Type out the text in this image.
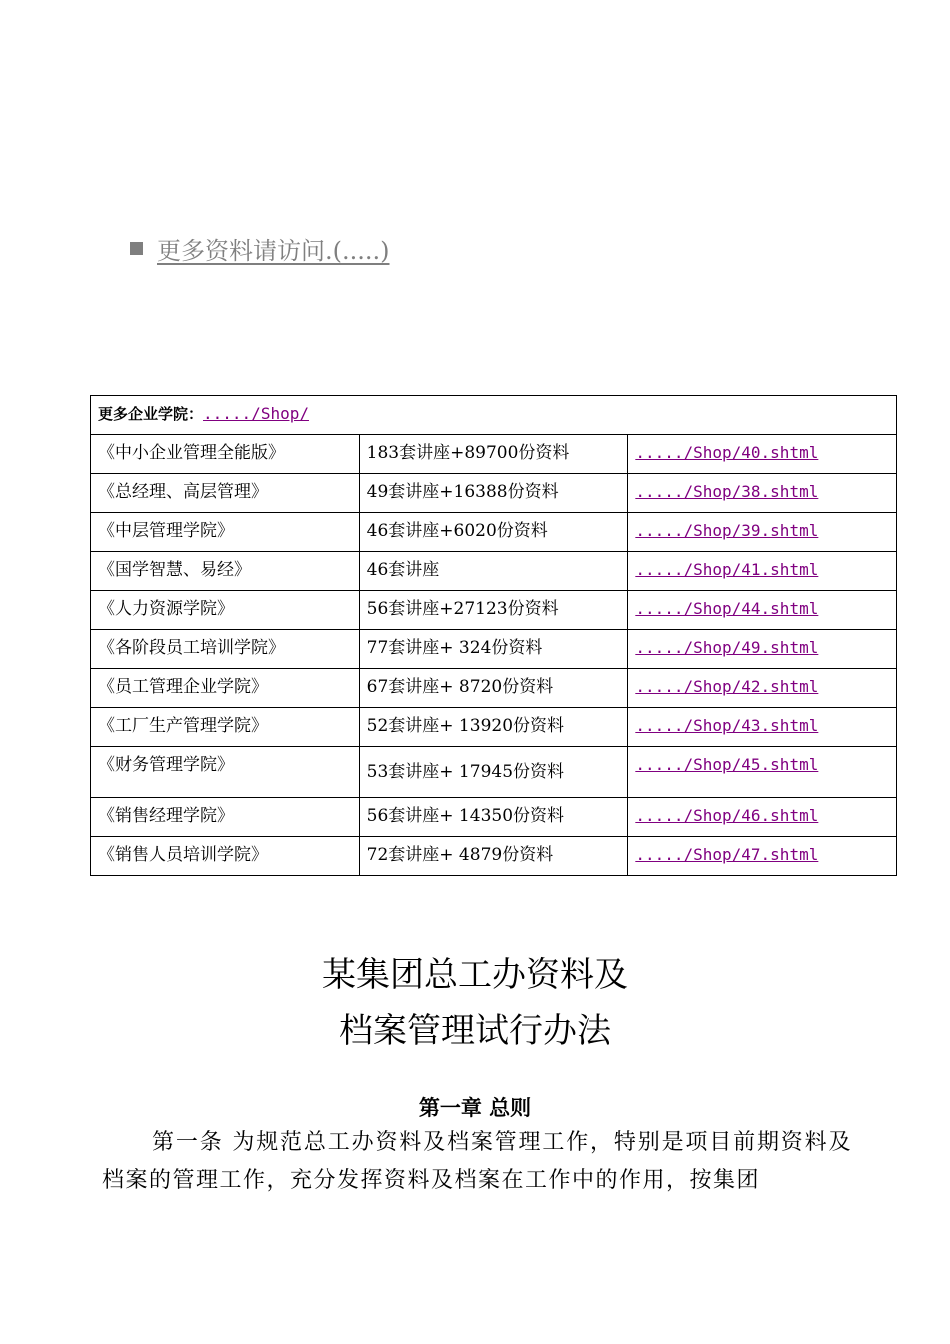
更多资料请访问.(.....)
更多企业学院：...../Shop/		
《中小企业管理全能版》	183套讲座+89700份资料	...../Shop/40.shtml
《总经理、高层管理》	49套讲座+16388份资料	...../Shop/38.shtml
《中层管理学院》	46套讲座+6020份资料	...../Shop/39.shtml
《国学智慧、易经》	46套讲座	...../Shop/41.shtml
《人力资源学院》	56套讲座+27123份资料	...../Shop/44.shtml
《各阶段员工培训学院》	77套讲座+ 324份资料	...../Shop/49.shtml
《员工管理企业学院》	67套讲座+ 8720份资料	...../Shop/42.shtml
《工厂生产管理学院》	52套讲座+ 13920份资料	...../Shop/43.shtml
《财务管理学院》	53套讲座+ 17945份资料	...../Shop/45.shtml
《销售经理学院》	56套讲座+ 14350份资料	...../Shop/46.shtml
《销售人员培训学院》	72套讲座+ 4879份资料	...../Shop/47.shtml
某集团总工办资料及
档案管理试行办法
第一章 总则
第一条 为规范总工办资料及档案管理工作，特别是项目前期资料及档案的管理工作，充分发挥资料及档案在工作中的作用，按集团
